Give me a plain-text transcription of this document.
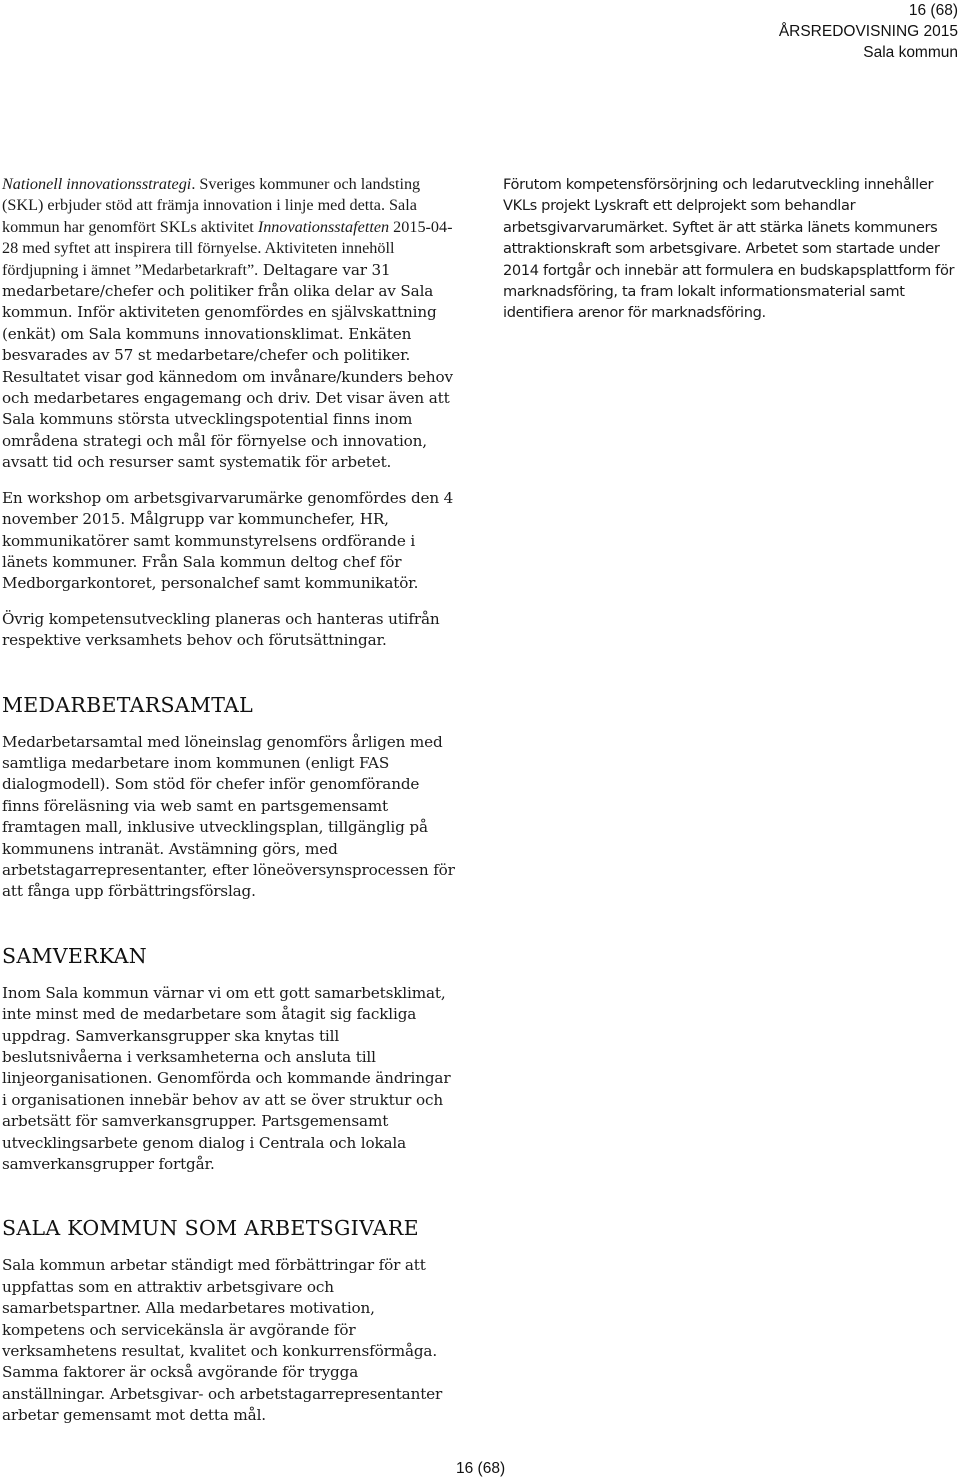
16 (68)
ÅRSREDOVISNING 2015
Sala kommun

Nationell innovationsstrategi. Sveriges kommuner och landsting (SKL) erbjuder stöd att främja innovation i linje med detta. Sala kommun har genomfört SKLs aktivitet Innovationsstafetten 2015-04-28 med syftet att inspirera till förnyelse. Aktiviteten innehöll fördjupning i ämnet ”Medarbetarkraft”. Deltagare var 31 medarbetare/chefer och politiker från olika delar av Sala kommun. Inför aktiviteten genomfördes en självskattning (enkät) om Sala kommuns innovationsklimat. Enkäten besvarades av 57 st medarbetare/chefer och politiker. Resultatet visar god kännedom om invånare/kunders behov och medarbetares engagemang och driv. Det visar även att Sala kommuns största utvecklingspotential finns inom områdena strategi och mål för förnyelse och innovation, avsatt tid och resurser samt systematik för arbetet.

En workshop om arbetsgivarvarumärke genomfördes den 4 november 2015. Målgrupp var kommunchefer, HR, kommunikatörer samt kommunstyrelsens ordförande i länets kommuner. Från Sala kommun deltog chef för Medborgarkontoret, personalchef samt kommunikatör.

Övrig kompetensutveckling planeras och hanteras utifrån respektive verksamhets behov och förutsättningar.

MEDARBETARSAMTAL

Medarbetarsamtal med löneinslag genomförs årligen med samtliga medarbetare inom kommunen (enligt FAS dialogmodell). Som stöd för chefer inför genomförande finns föreläsning via web samt en partsgemensamt framtagen mall, inklusive utvecklingsplan, tillgänglig på kommunens intranät. Avstämning görs, med arbetstagarrepresentanter, efter löneöversynsprocessen för att fånga upp förbättringsförslag.

SAMVERKAN

Inom Sala kommun värnar vi om ett gott samarbetsklimat, inte minst med de medarbetare som åtagit sig fackliga uppdrag. Samverkansgrupper ska knytas till beslutsnivåerna i verksamheterna och ansluta till linjeorganisationen. Genomförda och kommande ändringar i organisationen innebär behov av att se över struktur och arbetsätt för samverkansgrupper. Partsgemensamt utvecklingsarbete genom dialog i Centrala och lokala samverkansgrupper fortgår.

SALA KOMMUN SOM ARBETSGIVARE

Sala kommun arbetar ständigt med förbättringar för att uppfattas som en attraktiv arbetsgivare och samarbetspartner. Alla medarbetares motivation, kompetens och servicekänsla är avgörande för verksamhetens resultat, kvalitet och konkurrensförmåga. Samma faktorer är också avgörande för trygga anställningar. Arbetsgivar- och arbetstagarrepresentanter arbetar gemensamt mot detta mål.

Förutom kompetensförsörjning och ledarutveckling innehåller VKLs projekt Lyskraft ett delprojekt som behandlar arbetsgivarvarumärket. Syftet är att stärka länets kommuners attraktionskraft som arbetsgivare. Arbetet som startade under 2014 fortgår och innebär att formulera en budskapsplattform för marknadsföring, ta fram lokalt informationsmaterial samt identifiera arenor för marknadsföring.

16 (68)
